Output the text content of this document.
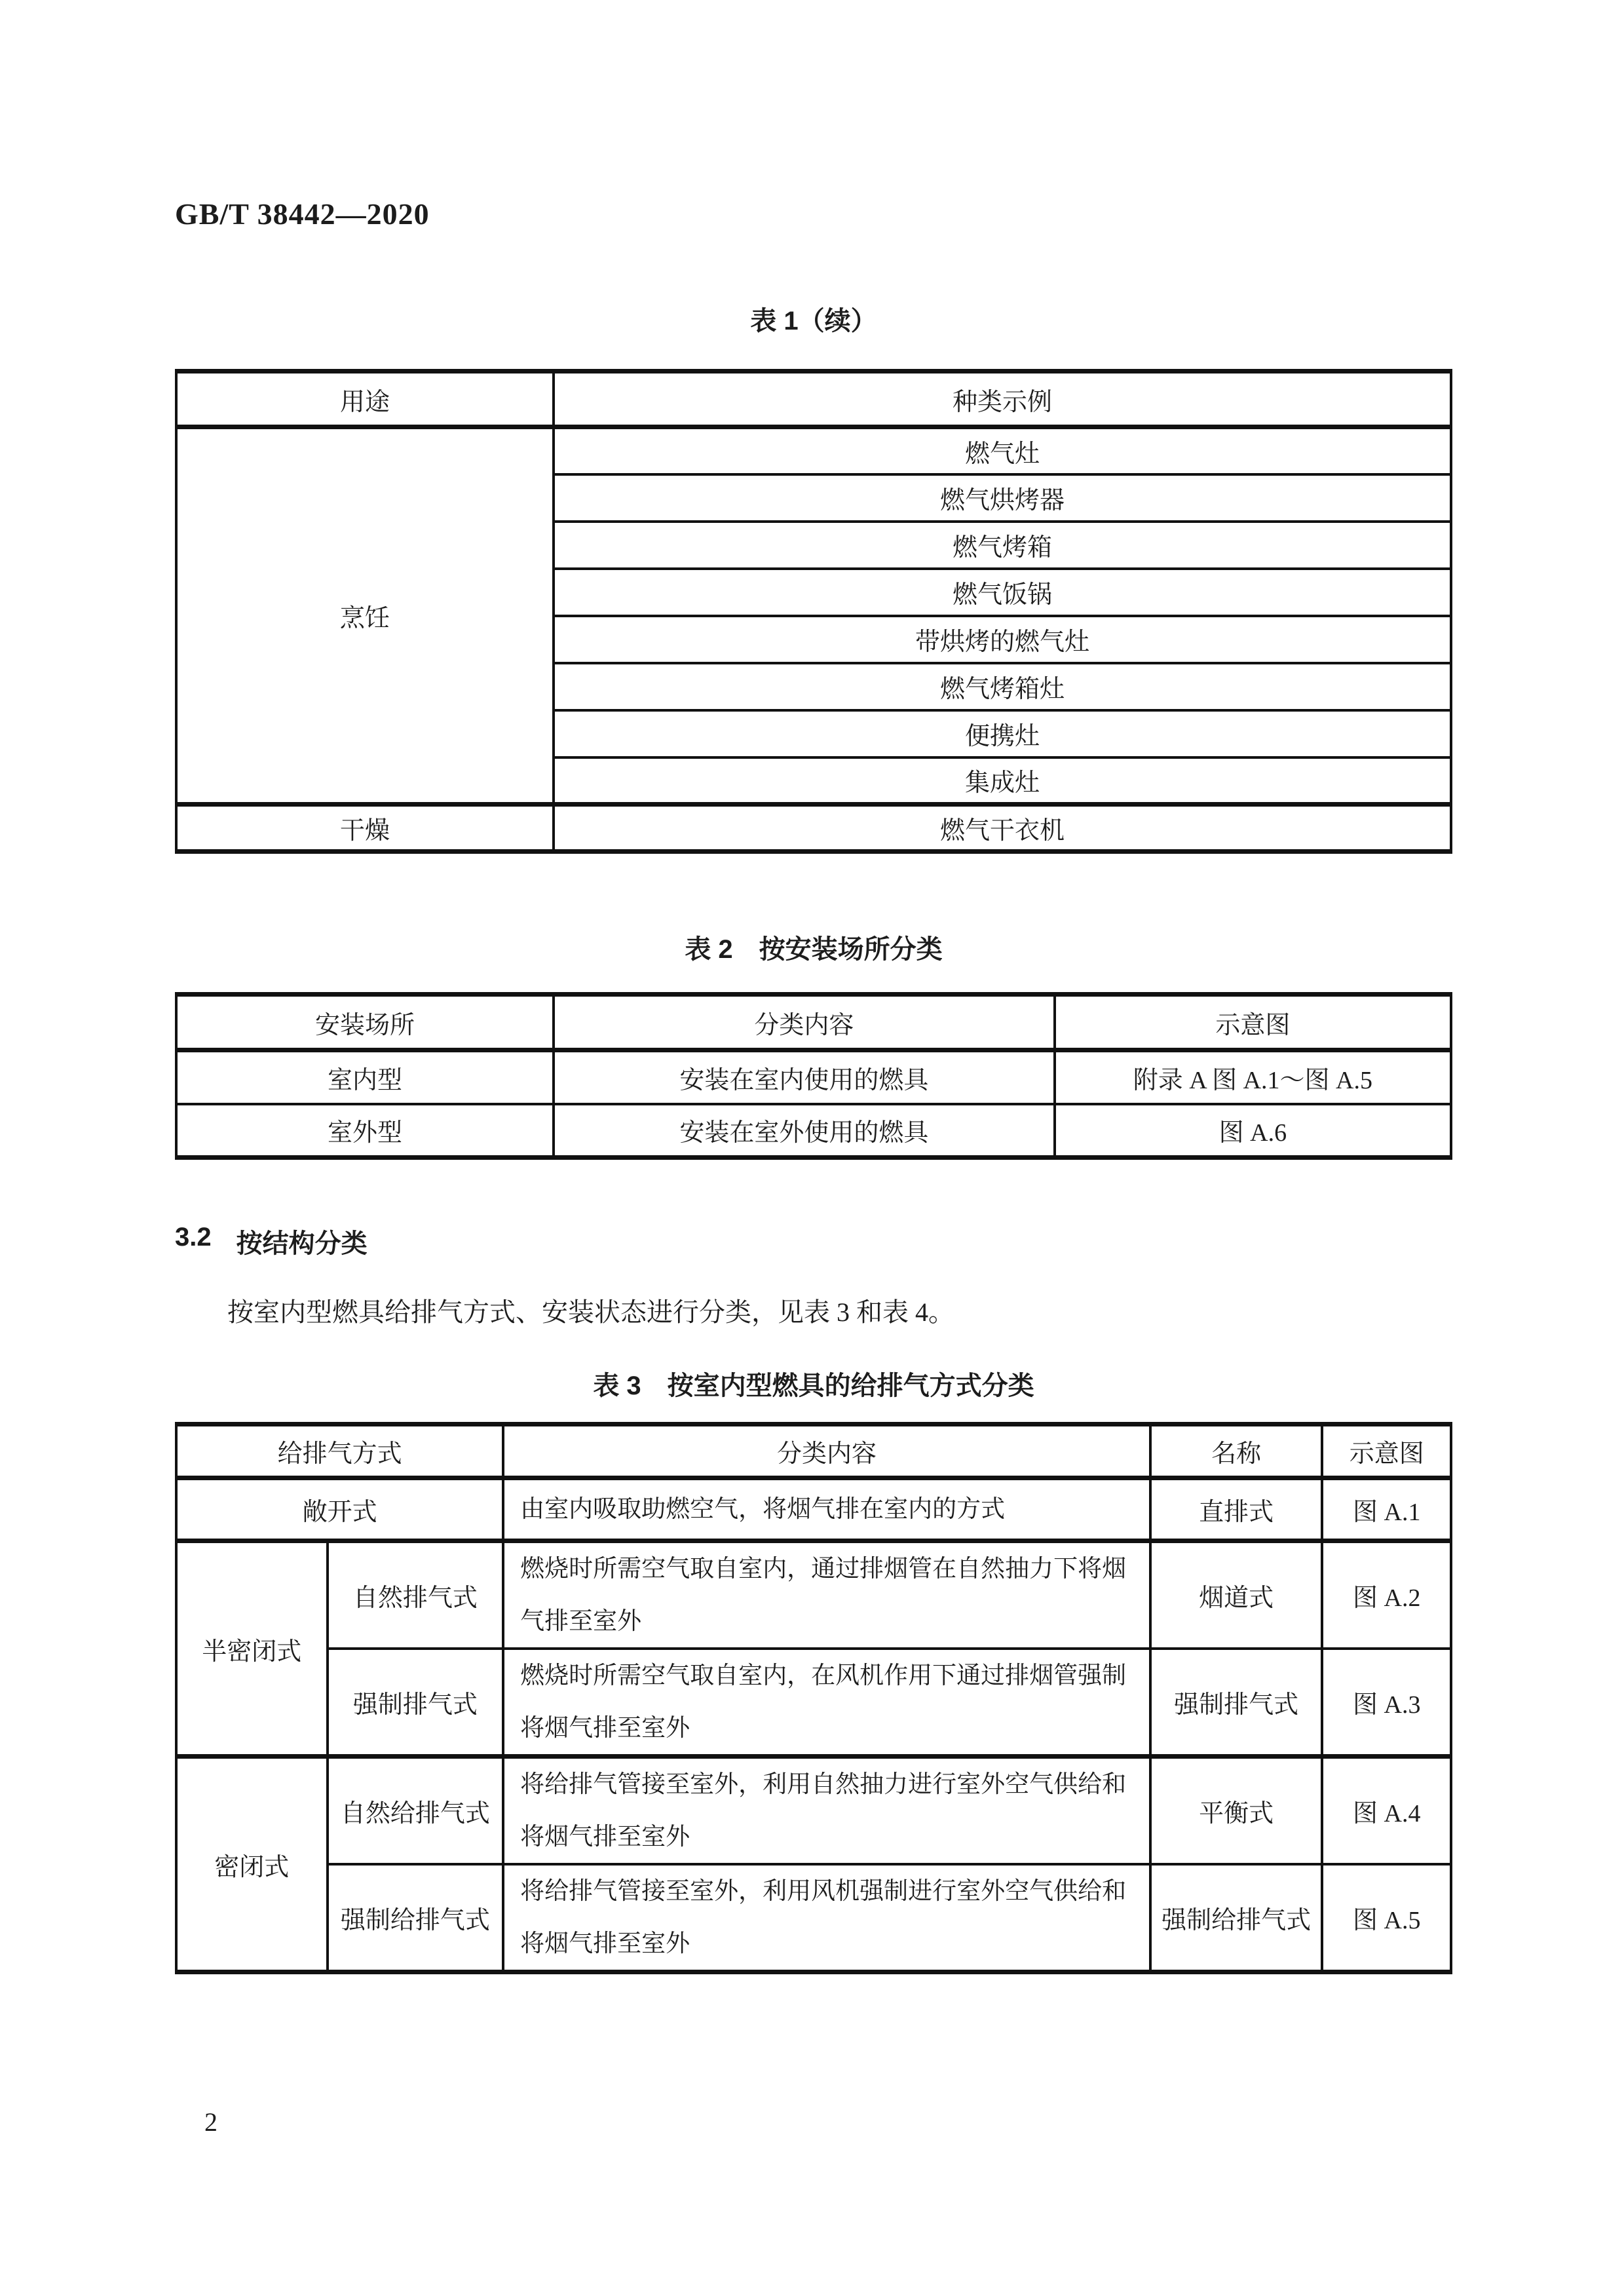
GB/T 38442—2020
表 1（续）
用途	种类示例
烹饪	燃气灶
	燃气烘烤器
	燃气烤箱
	燃气饭锅
	带烘烤的燃气灶
	燃气烤箱灶
	便携灶
	集成灶
干燥	燃气干衣机
表 2　按安装场所分类
安装场所	分类内容	示意图
室内型	安装在室内使用的燃具	附录 A 图 A.1～图 A.5
室外型	安装在室外使用的燃具	图 A.6
3.2 按结构分类
按室内型燃具给排气方式、安装状态进行分类，见表 3 和表 4。
表 3　按室内型燃具的给排气方式分类
给排气方式		分类内容	名称	示意图
敞开式		由室内吸取助燃空气，将烟气排在室内的方式	直排式	图 A.1
半密闭式	自然排气式	燃烧时所需空气取自室内，通过排烟管在自然抽力下将烟气排至室外	烟道式	图 A.2
	强制排气式	燃烧时所需空气取自室内，在风机作用下通过排烟管强制将烟气排至室外	强制排气式	图 A.3
密闭式	自然给排气式	将给排气管接至室外，利用自然抽力进行室外空气供给和将烟气排至室外	平衡式	图 A.4
	强制给排气式	将给排气管接至室外，利用风机强制进行室外空气供给和将烟气排至室外	强制给排气式	图 A.5
2
